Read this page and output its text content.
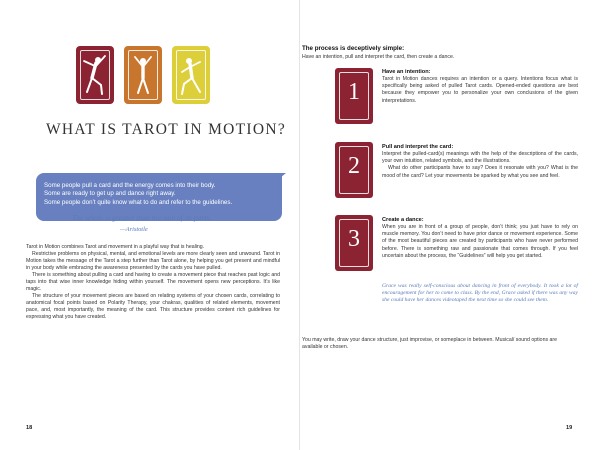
WHAT IS TAROT IN MOTION?
Some people pull a card and the energy comes into their body.
Some are ready to get up and dance right away.
Some people don’t quite know what to do and refer to the guidelines.
The whole is greater than the sum of its parts.
—Aristotle

Tarot in Motion combines Tarot and movement in a playful way that is healing.

Restrictive problems on physical, mental, and emotional levels are more clearly seen and unwound. Tarot in Motion takes the message of the Tarot a step further than Tarot alone, by helping you get present and mindful in your body while embracing the awareness presented by the cards you have pulled.

There is something about pulling a card and having to create a movement piece that reaches past logic and taps into that wise inner knowledge hiding within yourself. The movement opens new perceptions. It’s like magic.

The structure of your movement pieces are based on relating systems of your chosen cards, correlating to anatomical focal points based on Polarity Therapy, your chakras, qualities of related elements, movement pace, and, most importantly, the meaning of the card. This structure provides content rich guidelines for expressing what you have created.

18
The process is deceptively simple:
Have an intention, pull and interpret the card, then create a dance.
1
Have an intention:

Tarot in Motion dances requires an intention or a query. Intentions focus what is specifically being asked of pulled Tarot cards. Opened-ended questions are best because they empower you to personalize your own conclusions of the given interpretations.

2
Pull and interpret the card:

Interpret the pulled-card(s) meanings with the help of the descriptions of the cards, your own intuition, related symbols, and the illustrations.

What do other participants have to say? Does it resonate with you? What is the mood of the card? Let your movements be sparked by what you see and feel.

3
Create a dance:

When you are in front of a group of people, don’t think; you just have to rely on muscle memory. You don’t need to have prior dance or movement experience. Some of the most beautiful pieces are created by participants who have never performed before. There is something raw and passionate that comes through. If you feel uncertain about the process, the “Guidelines” will help you get started.

Grace was really self-conscious about dancing in front of everybody. It took a lot of encouragement for her to come to class. By the end, Grace asked if there was any way she could have her dances videotaped the next time so she could see them.
You may write, draw your dance structure, just improvise, or someplace in between. Musical/ sound options are available or chosen.
19
